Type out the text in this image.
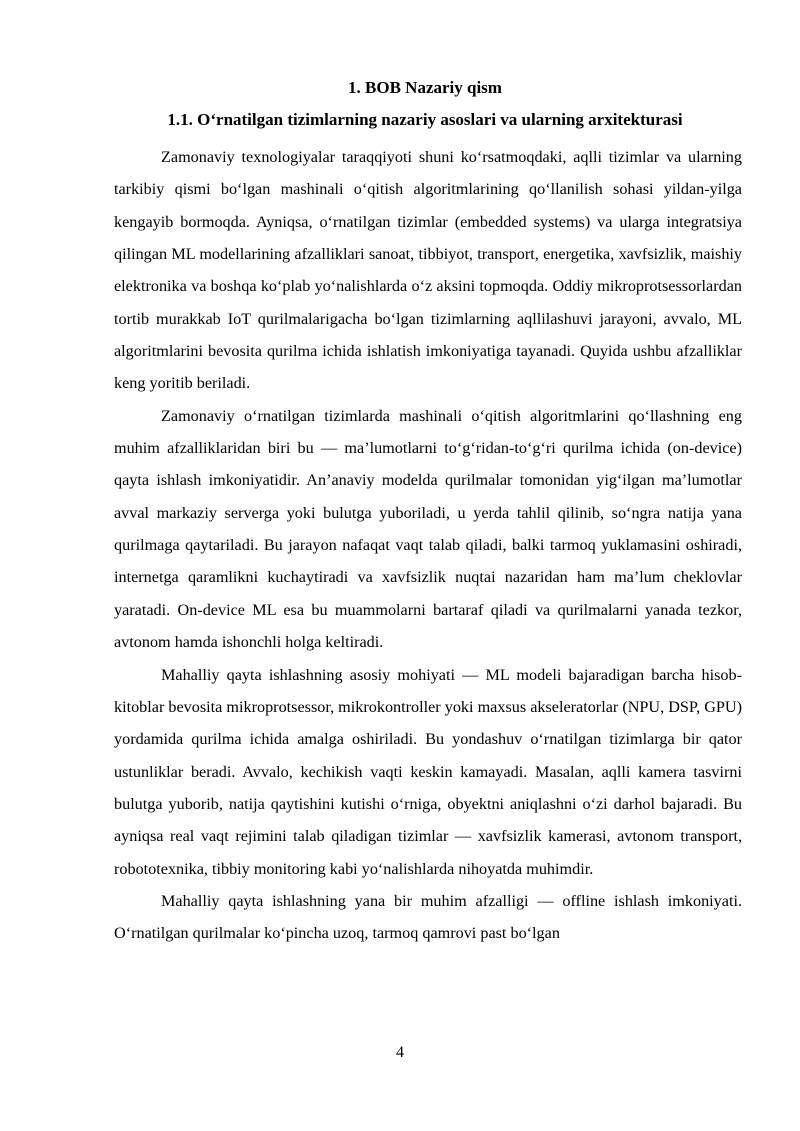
1. BOB Nazariy qism
1.1. O‘rnatilgan tizimlarning nazariy asoslari va ularning arxitekturasi

Zamonaviy texnologiyalar taraqqiyoti shuni ko‘rsatmoqdaki, aqlli tizimlar va ularning tarkibiy qismi bo‘lgan mashinali o‘qitish algoritmlarining qo‘llanilish sohasi yildan-yilga kengayib bormoqda. Ayniqsa, o‘rnatilgan tizimlar (embedded systems) va ularga integratsiya qilingan ML modellarining afzalliklari sanoat, tibbiyot, transport, energetika, xavfsizlik, maishiy elektronika va boshqa ko‘plab yo‘nalishlarda o‘z aksini topmoqda. Oddiy mikroprotsessorlardan tortib murakkab IoT qurilmalarigacha bo‘lgan tizimlarning aqllilashuvi jarayoni, avvalo, ML algoritmlarini bevosita qurilma ichida ishlatish imkoniyatiga tayanadi. Quyida ushbu afzalliklar keng yoritib beriladi.

Zamonaviy o‘rnatilgan tizimlarda mashinali o‘qitish algoritmlarini qo‘llashning eng muhim afzalliklaridan biri bu — ma’lumotlarni to‘g‘ridan-to‘g‘ri qurilma ichida (on-device) qayta ishlash imkoniyatidir. An’anaviy modelda qurilmalar tomonidan yig‘ilgan ma’lumotlar avval markaziy serverga yoki bulutga yuboriladi, u yerda tahlil qilinib, so‘ngra natija yana qurilmaga qaytariladi. Bu jarayon nafaqat vaqt talab qiladi, balki tarmoq yuklamasini oshiradi, internetga qaramlikni kuchaytiradi va xavfsizlik nuqtai nazaridan ham ma’lum cheklovlar yaratadi. On-device ML esa bu muammolarni bartaraf qiladi va qurilmalarni yanada tezkor, avtonom hamda ishonchli holga keltiradi.

Mahalliy qayta ishlashning asosiy mohiyati — ML modeli bajaradigan barcha hisob-kitoblar bevosita mikroprotsessor, mikrokontroller yoki maxsus akseleratorlar (NPU, DSP, GPU) yordamida qurilma ichida amalga oshiriladi. Bu yondashuv o‘rnatilgan tizimlarga bir qator ustunliklar beradi. Avvalo, kechikish vaqti keskin kamayadi. Masalan, aqlli kamera tasvirni bulutga yuborib, natija qaytishini kutishi o‘rniga, obyektni aniqlashni o‘zi darhol bajaradi. Bu ayniqsa real vaqt rejimini talab qiladigan tizimlar — xavfsizlik kamerasi, avtonom transport, robototexnika, tibbiy monitoring kabi yo‘nalishlarda nihoyatda muhimdir.

Mahalliy qayta ishlashning yana bir muhim afzalligi — offline ishlash imkoniyati. O‘rnatilgan qurilmalar ko‘pincha uzoq, tarmoq qamrovi past bo‘lgan

4
